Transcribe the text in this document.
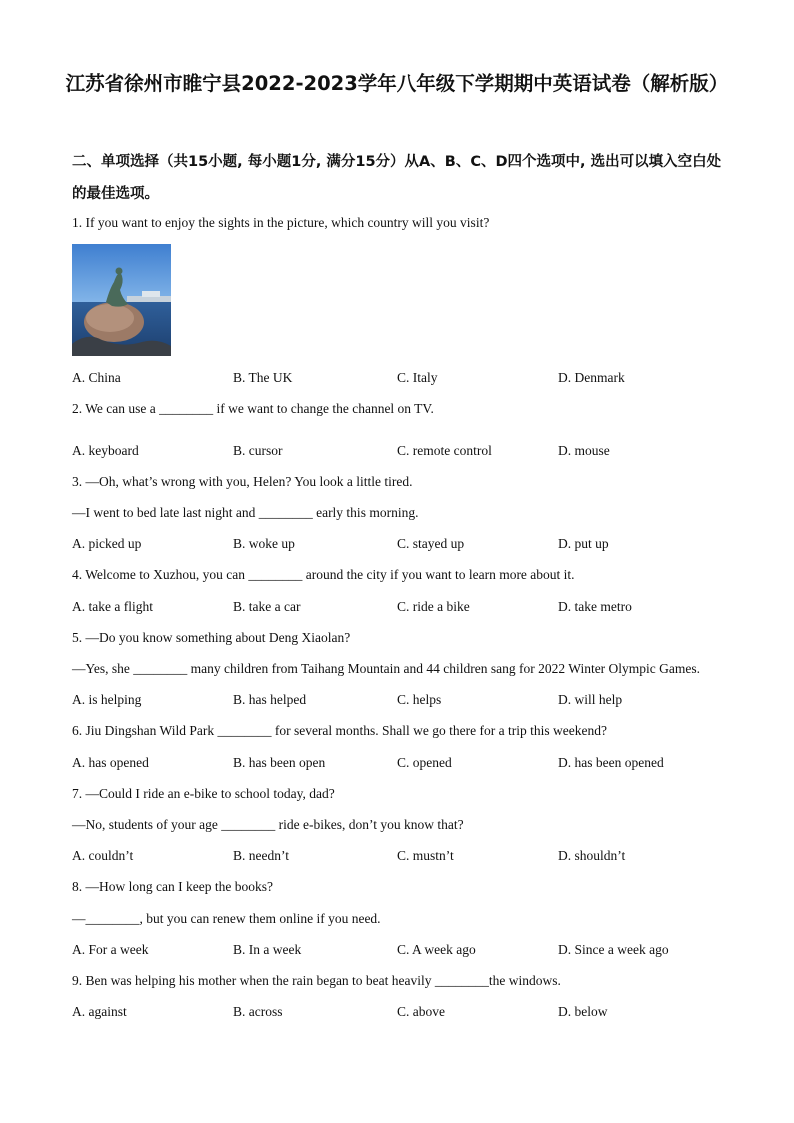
江苏省徐州市睢宁县2022-2023学年八年级下学期期中英语试卷（解析版）
二、单项选择（共15小题, 每小题1分, 满分15分）从A、B、C、D四个选项中, 选出可以填入空白处的最佳选项。
1. If you want to enjoy the sights in the picture, which country will you visit?
A. China	B. The UK	C. Italy	D. Denmark
2. We can use a ________ if we want to change the channel on TV.
A. keyboard	B. cursor	C. remote control	D. mouse
3. —Oh, what’s wrong with you, Helen? You look a little tired.
—I went to bed late last night and ________ early this morning.
A. picked up	B. woke up	C. stayed up	D. put up
4. Welcome to Xuzhou, you can ________ around the city if you want to learn more about it.
A. take a flight	B. take a car	C. ride a bike	D. take metro
5. —Do you know something about Deng Xiaolan?
—Yes, she ________ many children from Taihang Mountain and 44 children sang for 2022 Winter Olympic Games.
A. is helping	B. has helped	C. helps	D. will help
6. Jiu Dingshan Wild Park ________ for several months. Shall we go there for a trip this weekend?
A. has opened	B. has been open	C. opened	D. has been opened
7. —Could I ride an e-bike to school today, dad?
—No, students of your age ________ ride e-bikes, don’t you know that?
A. couldn’t	B. needn’t	C. mustn’t	D. shouldn’t
8. —How long can I keep the books?
—________, but you can renew them online if you need.
A. For a week	B. In a week	C. A week ago	D. Since a week ago
9. Ben was helping his mother when the rain began to beat heavily ________the windows.
A. against	B. across	C. above	D. below
